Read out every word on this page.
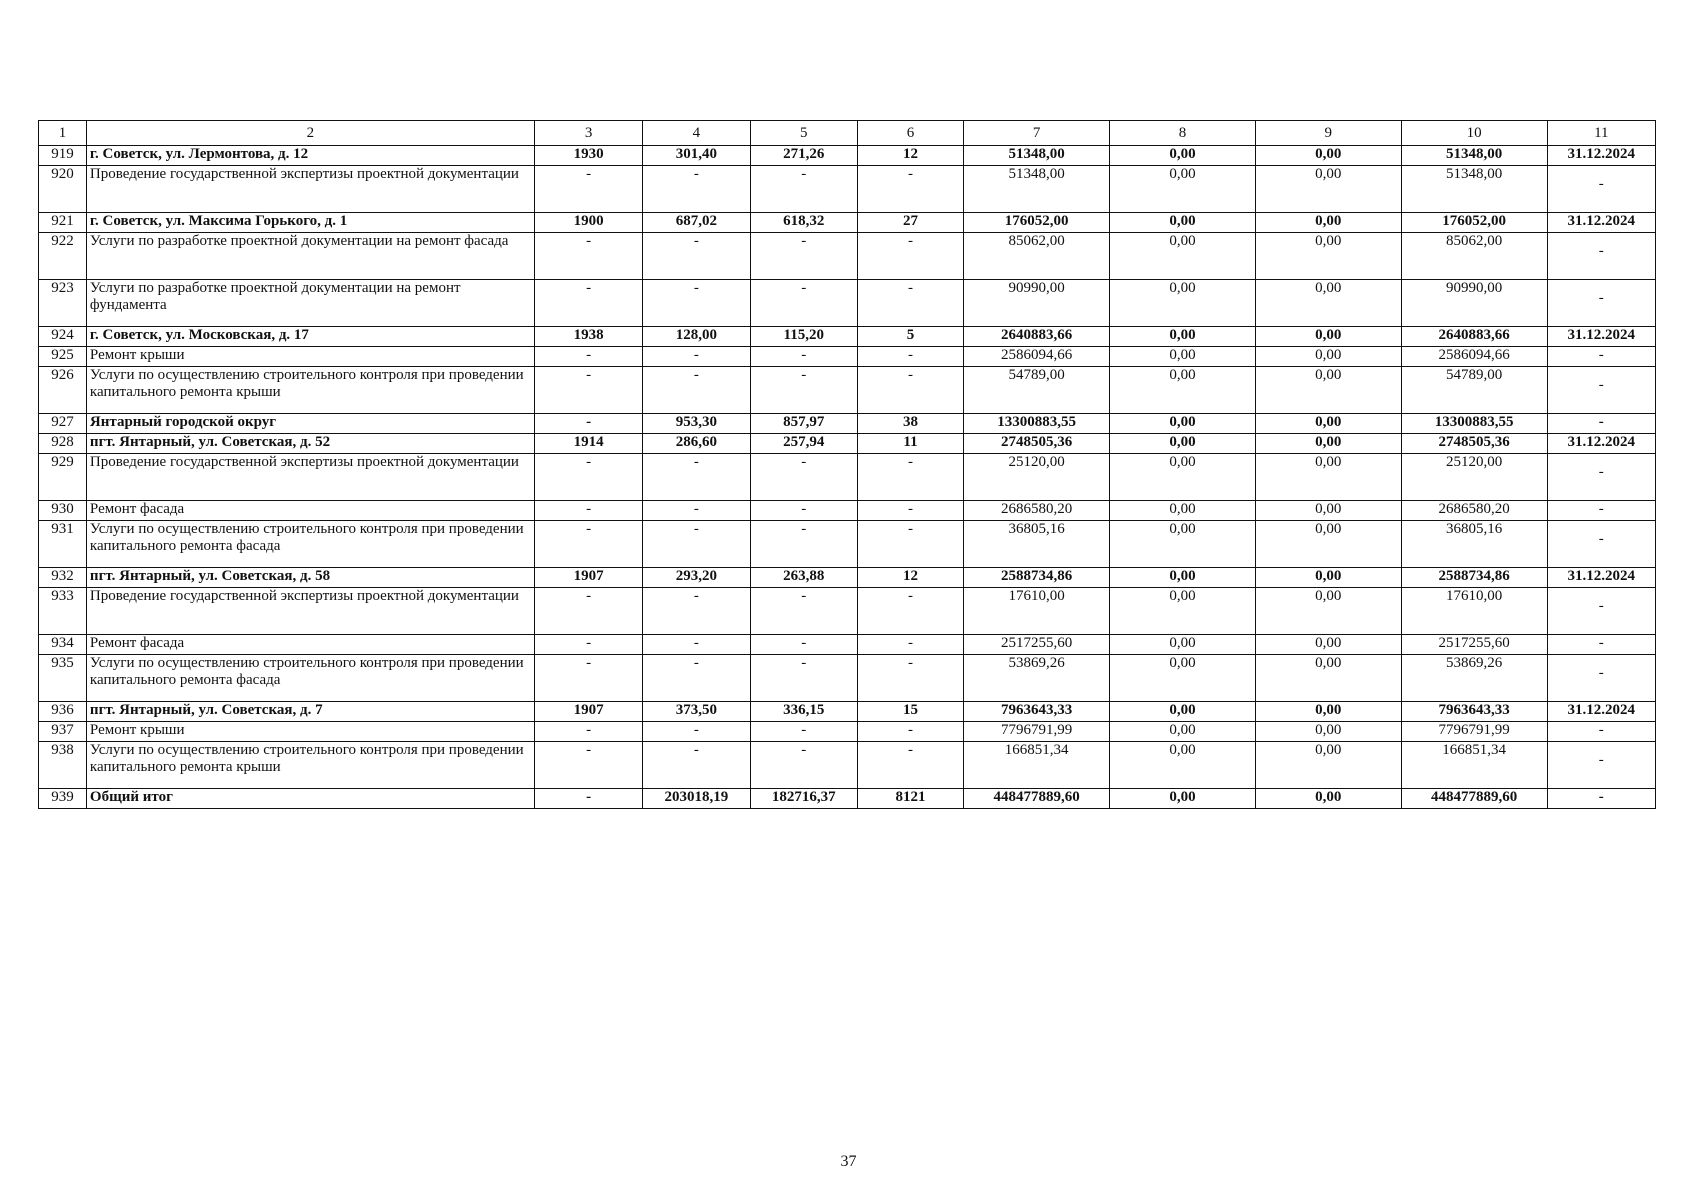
1	2	3	4	5	6	7	8	9	10	11
919	г. Советск, ул. Лермонтова, д. 12	1930	301,40	271,26	12	51348,00	0,00	0,00	51348,00	31.12.2024
920	Проведение государственной экспертизы проектной документации	-	-	-	-	51348,00	0,00	0,00	51348,00	-
921	г. Советск, ул. Максима Горького, д. 1	1900	687,02	618,32	27	176052,00	0,00	0,00	176052,00	31.12.2024
922	Услуги по разработке проектной документации на ремонт фасада	-	-	-	-	85062,00	0,00	0,00	85062,00	-
923	Услуги по разработке проектной документации на ремонт фундамента	-	-	-	-	90990,00	0,00	0,00	90990,00	-
924	г. Советск, ул. Московская, д. 17	1938	128,00	115,20	5	2640883,66	0,00	0,00	2640883,66	31.12.2024
925	Ремонт крыши	-	-	-	-	2586094,66	0,00	0,00	2586094,66	-
926	Услуги по осуществлению строительного контроля при проведении капитального ремонта крыши	-	-	-	-	54789,00	0,00	0,00	54789,00	-
927	Янтарный городской округ	-	953,30	857,97	38	13300883,55	0,00	0,00	13300883,55	-
928	пгт. Янтарный, ул. Советская, д. 52	1914	286,60	257,94	11	2748505,36	0,00	0,00	2748505,36	31.12.2024
929	Проведение государственной экспертизы проектной документации	-	-	-	-	25120,00	0,00	0,00	25120,00	-
930	Ремонт фасада	-	-	-	-	2686580,20	0,00	0,00	2686580,20	-
931	Услуги по осуществлению строительного контроля при проведении капитального ремонта фасада	-	-	-	-	36805,16	0,00	0,00	36805,16	-
932	пгт. Янтарный, ул. Советская, д. 58	1907	293,20	263,88	12	2588734,86	0,00	0,00	2588734,86	31.12.2024
933	Проведение государственной экспертизы проектной документации	-	-	-	-	17610,00	0,00	0,00	17610,00	-
934	Ремонт фасада	-	-	-	-	2517255,60	0,00	0,00	2517255,60	-
935	Услуги по осуществлению строительного контроля при проведении капитального ремонта фасада	-	-	-	-	53869,26	0,00	0,00	53869,26	-
936	пгт. Янтарный, ул. Советская, д. 7	1907	373,50	336,15	15	7963643,33	0,00	0,00	7963643,33	31.12.2024
937	Ремонт крыши	-	-	-	-	7796791,99	0,00	0,00	7796791,99	-
938	Услуги по осуществлению строительного контроля при проведении капитального ремонта крыши	-	-	-	-	166851,34	0,00	0,00	166851,34	-
939	Общий итог	-	203018,19	182716,37	8121	448477889,60	0,00	0,00	448477889,60	-
37
